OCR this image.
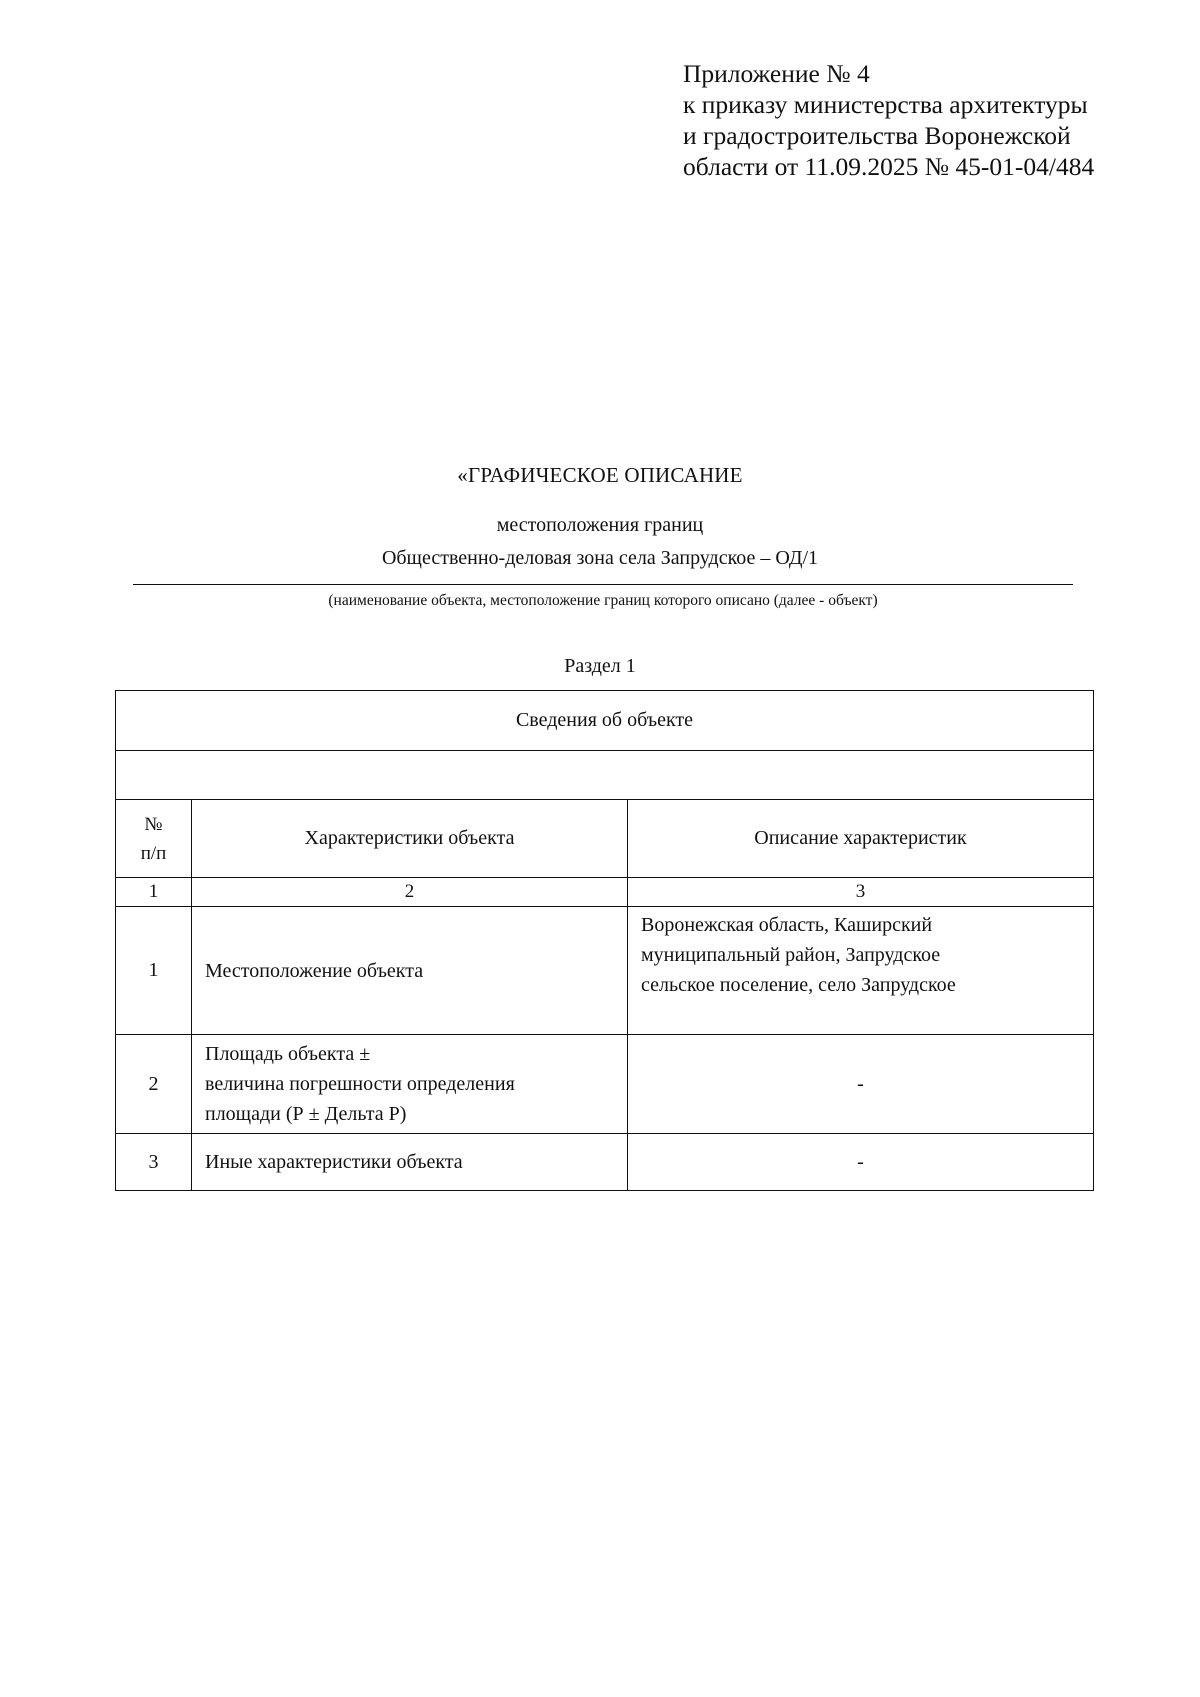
Приложение № 4
к приказу министерства архитектуры
и градостроительства Воронежской
области от 11.09.2025 № 45-01-04/484
«ГРАФИЧЕСКОЕ ОПИСАНИЕ
местоположения границ
Общественно-деловая зона села Запрудское – ОД/1
(наименование объекта, местоположение границ которого описано (далее - объект)
Раздел 1
Сведения об объекте		

№
п/п	Характеристики объекта	Описание характеристик
1	2	3
1	Местоположение объекта	Воронежская область, Каширский
муниципальный район, Запрудское
сельское поселение, село Запрудское

2	Площадь объекта ±
величина погрешности определения
площади (Р ± Дельта Р)	-
3	Иные характеристики объекта	-
